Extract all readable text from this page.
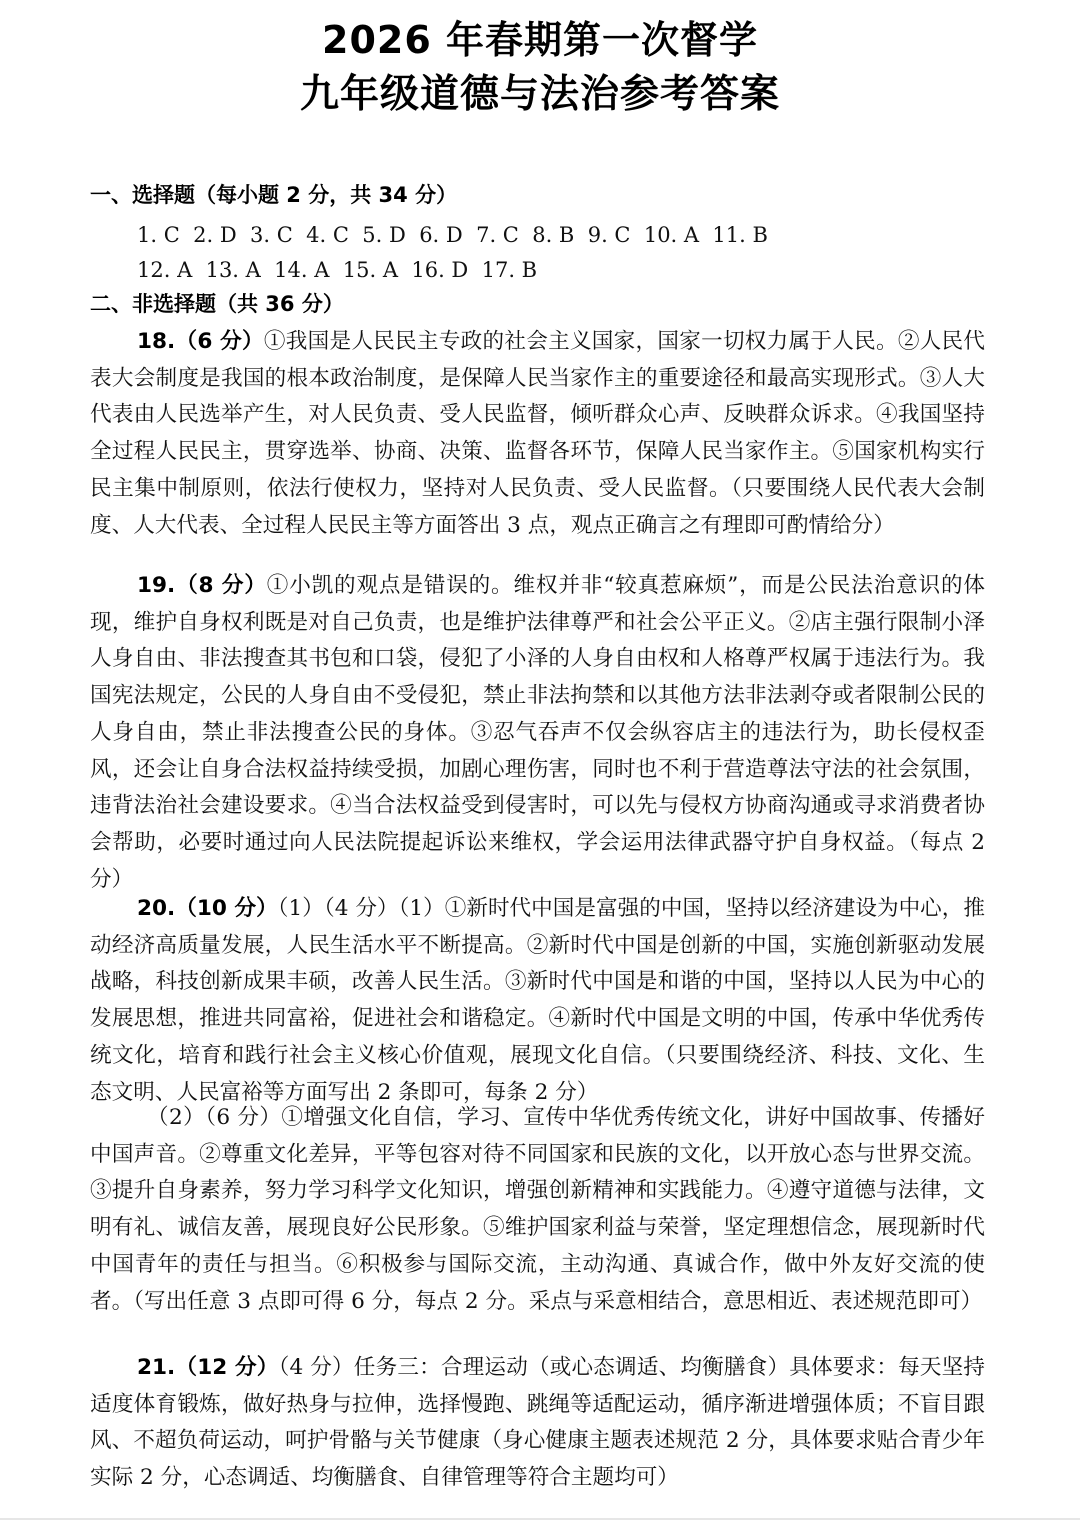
2026 年春期第一次督学
九年级道德与法治参考答案
一、选择题（每小题 2 分，共 34 分）
1. C  2. D  3. C  4. C  5. D  6. D  7. C  8. B  9. C  10. A  11. B
12. A  13. A  14. A  15. A  16. D  17. B
二、非选择题（共 36 分）
18.（6 分）①我国是人民民主专政的社会主义国家，国家一切权力属于人民。②人民代表大会制度是我国的根本政治制度，是保障人民当家作主的重要途径和最高实现形式。③人大代表由人民选举产生，对人民负责、受人民监督，倾听群众心声、反映群众诉求。④我国坚持全过程人民民主，贯穿选举、协商、决策、监督各环节，保障人民当家作主。⑤国家机构实行民主集中制原则，依法行使权力，坚持对人民负责、受人民监督。（只要围绕人民代表大会制度、人大代表、全过程人民民主等方面答出 3 点，观点正确言之有理即可酌情给分）
19.（8 分）①小凯的观点是错误的。维权并非“较真惹麻烦”，而是公民法治意识的体现，维护自身权利既是对自己负责，也是维护法律尊严和社会公平正义。②店主强行限制小泽人身自由、非法搜查其书包和口袋，侵犯了小泽的人身自由权和人格尊严权属于违法行为。我国宪法规定，公民的人身自由不受侵犯，禁止非法拘禁和以其他方法非法剥夺或者限制公民的人身自由，禁止非法搜查公民的身体。③忍气吞声不仅会纵容店主的违法行为，助长侵权歪风，还会让自身合法权益持续受损，加剧心理伤害，同时也不利于营造尊法守法的社会氛围，违背法治社会建设要求。④当合法权益受到侵害时，可以先与侵权方协商沟通或寻求消费者协会帮助，必要时通过向人民法院提起诉讼来维权，学会运用法律武器守护自身权益。（每点 2 分）
20.（10 分）（1）（4 分）（1）①新时代中国是富强的中国，坚持以经济建设为中心，推动经济高质量发展，人民生活水平不断提高。②新时代中国是创新的中国，实施创新驱动发展战略，科技创新成果丰硕，改善人民生活。③新时代中国是和谐的中国，坚持以人民为中心的发展思想，推进共同富裕，促进社会和谐稳定。④新时代中国是文明的中国，传承中华优秀传统文化，培育和践行社会主义核心价值观，展现文化自信。（只要围绕经济、科技、文化、生态文明、人民富裕等方面写出 2 条即可，每条 2 分）
（2）（6 分）①增强文化自信，学习、宣传中华优秀传统文化，讲好中国故事、传播好中国声音。②尊重文化差异，平等包容对待不同国家和民族的文化，以开放心态与世界交流。③提升自身素养，努力学习科学文化知识，增强创新精神和实践能力。④遵守道德与法律，文明有礼、诚信友善，展现良好公民形象。⑤维护国家利益与荣誉，坚定理想信念，展现新时代中国青年的责任与担当。⑥积极参与国际交流，主动沟通、真诚合作，做中外友好交流的使者。（写出任意 3 点即可得 6 分，每点 2 分。采点与采意相结合，意思相近、表述规范即可）
21.（12 分）（4 分）任务三：合理运动（或心态调适、均衡膳食）具体要求：每天坚持适度体育锻炼，做好热身与拉伸，选择慢跑、跳绳等适配运动，循序渐进增强体质；不盲目跟风、不超负荷运动，呵护骨骼与关节健康（身心健康主题表述规范 2 分，具体要求贴合青少年实际 2 分，心态调适、均衡膳食、自律管理等符合主题均可）
